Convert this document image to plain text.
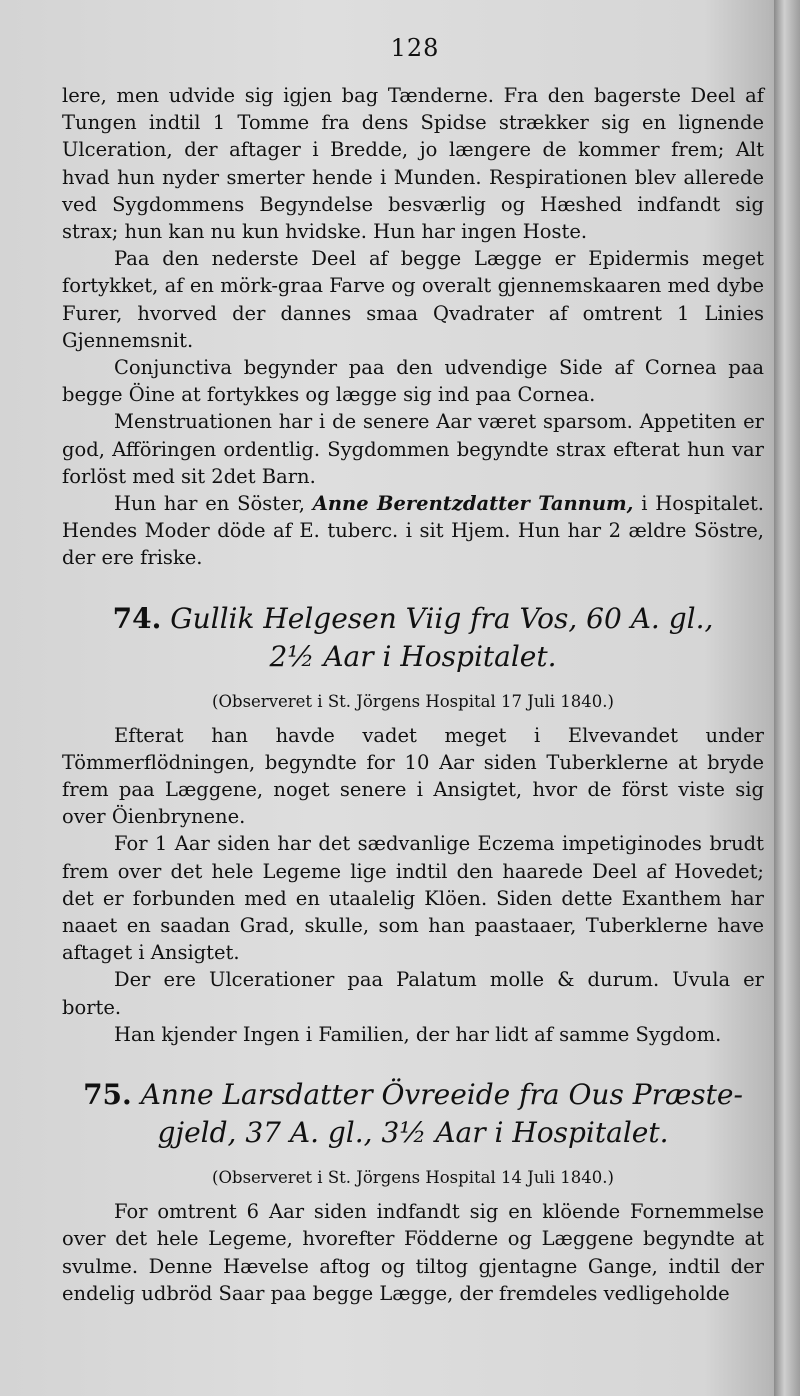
128

lere, men udvide sig igjen bag Tænderne. Fra den bagerste Deel af Tungen indtil 1 Tomme fra dens Spidse strækker sig en lignende Ulceration, der aftager i Bredde, jo længere de kommer frem; Alt hvad hun nyder smerter hende i Munden. Respirationen blev allerede ved Sygdommens Begyndelse besværlig og Hæshed indfandt sig strax; hun kan nu kun hvidske. Hun har ingen Hoste.

Paa den nederste Deel af begge Lægge er Epidermis meget fortykket, af en mörk-graa Farve og overalt gjennemskaaren med dybe Furer, hvorved der dannes smaa Qvadrater af omtrent 1 Linies Gjennemsnit.

Conjunctiva begynder paa den udvendige Side af Cornea paa begge Öine at fortykkes og lægge sig ind paa Cornea.

Menstruationen har i de senere Aar været sparsom. Appetiten er god, Afföringen ordentlig. Sygdommen begyndte strax efterat hun var forlöst med sit 2det Barn.

Hun har en Söster, Anne Berentzdatter Tannum, i Hospitalet. Hendes Moder döde af E. tuberc. i sit Hjem. Hun har 2 ældre Söstre, der ere friske.

74. Gullik Helgesen Viig fra Vos, 60 A. gl.,
2½ Aar i Hospitalet.
(Observeret i St. Jörgens Hospital 17 Juli 1840.)

Efterat han havde vadet meget i Elvevandet under Tömmerflödningen, begyndte for 10 Aar siden Tuberklerne at bryde frem paa Læggene, noget senere i Ansigtet, hvor de först viste sig over Öienbrynene.

For 1 Aar siden har det sædvanlige Eczema impetiginodes brudt frem over det hele Legeme lige indtil den haarede Deel af Hovedet; det er forbunden med en utaalelig Klöen. Siden dette Exanthem har naaet en saadan Grad, skulle, som han paastaaer, Tuberklerne have aftaget i Ansigtet.

Der ere Ulcerationer paa Palatum molle & durum. Uvula er borte.

Han kjender Ingen i Familien, der har lidt af samme Sygdom.

75. Anne Larsdatter Övreeide fra Ous Præste-
gjeld, 37 A. gl., 3½ Aar i Hospitalet.
(Observeret i St. Jörgens Hospital 14 Juli 1840.)

For omtrent 6 Aar siden indfandt sig en klöende Fornemmelse over det hele Legeme, hvorefter Födderne og Læggene begyndte at svulme. Denne Hævelse aftog og tiltog gjentagne Gange, indtil der endelig udbröd Saar paa begge Lægge, der fremdeles vedligeholde
